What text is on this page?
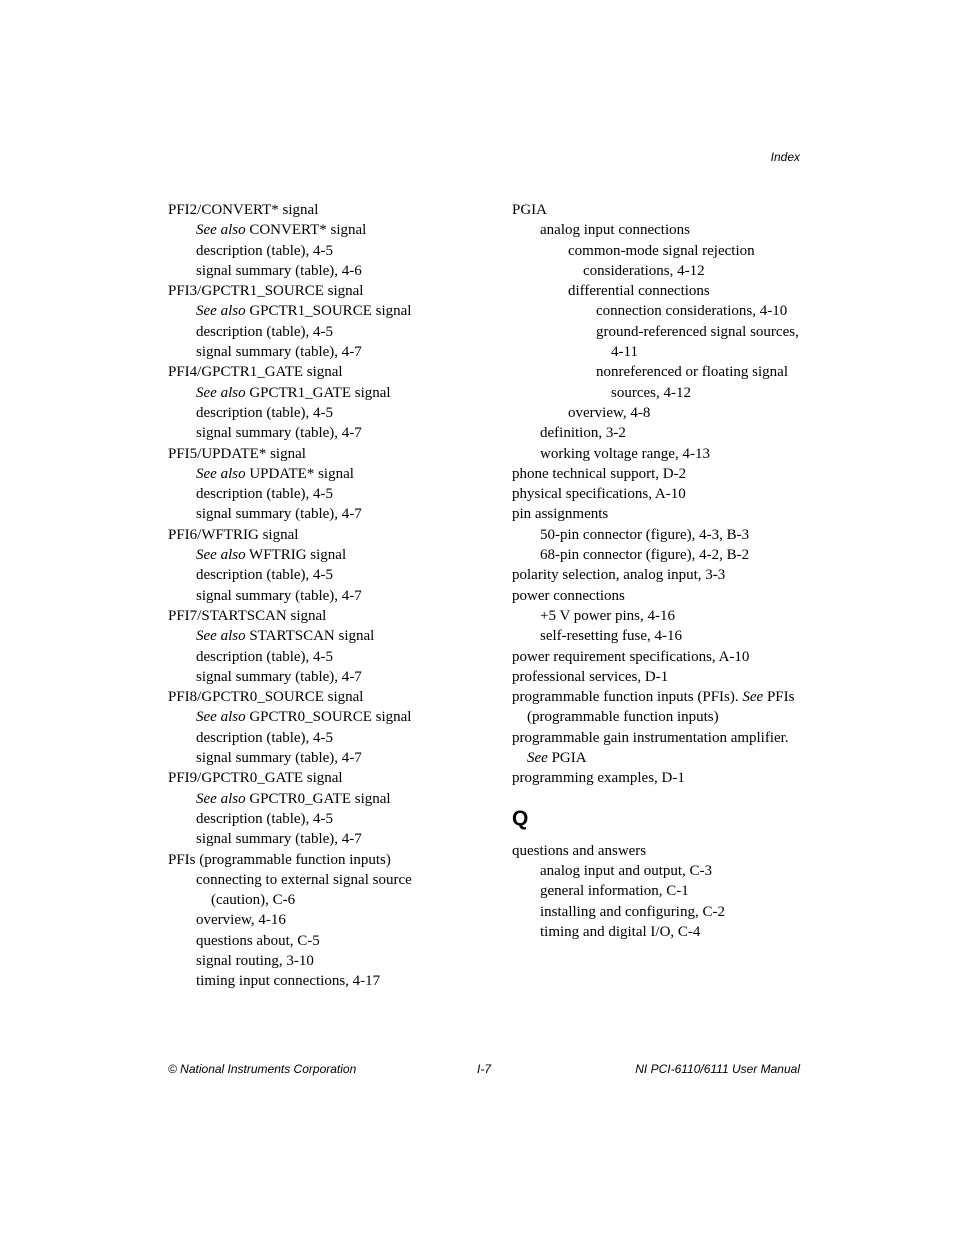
Index
PFI2/CONVERT* signal
See also CONVERT* signal
description (table), 4-5
signal summary (table), 4-6
PFI3/GPCTR1_SOURCE signal
See also GPCTR1_SOURCE signal
description (table), 4-5
signal summary (table), 4-7
PFI4/GPCTR1_GATE signal
See also GPCTR1_GATE signal
description (table), 4-5
signal summary (table), 4-7
PFI5/UPDATE* signal
See also UPDATE* signal
description (table), 4-5
signal summary (table), 4-7
PFI6/WFTRIG signal
See also WFTRIG signal
description (table), 4-5
signal summary (table), 4-7
PFI7/STARTSCAN signal
See also STARTSCAN signal
description (table), 4-5
signal summary (table), 4-7
PFI8/GPCTR0_SOURCE signal
See also GPCTR0_SOURCE signal
description (table), 4-5
signal summary (table), 4-7
PFI9/GPCTR0_GATE signal
See also GPCTR0_GATE signal
description (table), 4-5
signal summary (table), 4-7
PFIs (programmable function inputs)
connecting to external signal source (caution), C-6
overview, 4-16
questions about, C-5
signal routing, 3-10
timing input connections, 4-17
PGIA
analog input connections
common-mode signal rejection considerations, 4-12
differential connections
connection considerations, 4-10
ground-referenced signal sources, 4-11
nonreferenced or floating signal sources, 4-12
overview, 4-8
definition, 3-2
working voltage range, 4-13
phone technical support, D-2
physical specifications, A-10
pin assignments
50-pin connector (figure), 4-3, B-3
68-pin connector (figure), 4-2, B-2
polarity selection, analog input, 3-3
power connections
+5 V power pins, 4-16
self-resetting fuse, 4-16
power requirement specifications, A-10
professional services, D-1
programmable function inputs (PFIs). See PFIs (programmable function inputs)
programmable gain instrumentation amplifier. See PGIA
programming examples, D-1
Q
questions and answers
analog input and output, C-3
general information, C-1
installing and configuring, C-2
timing and digital I/O, C-4
© National Instruments Corporation	I-7	NI PCI-6110/6111 User Manual
